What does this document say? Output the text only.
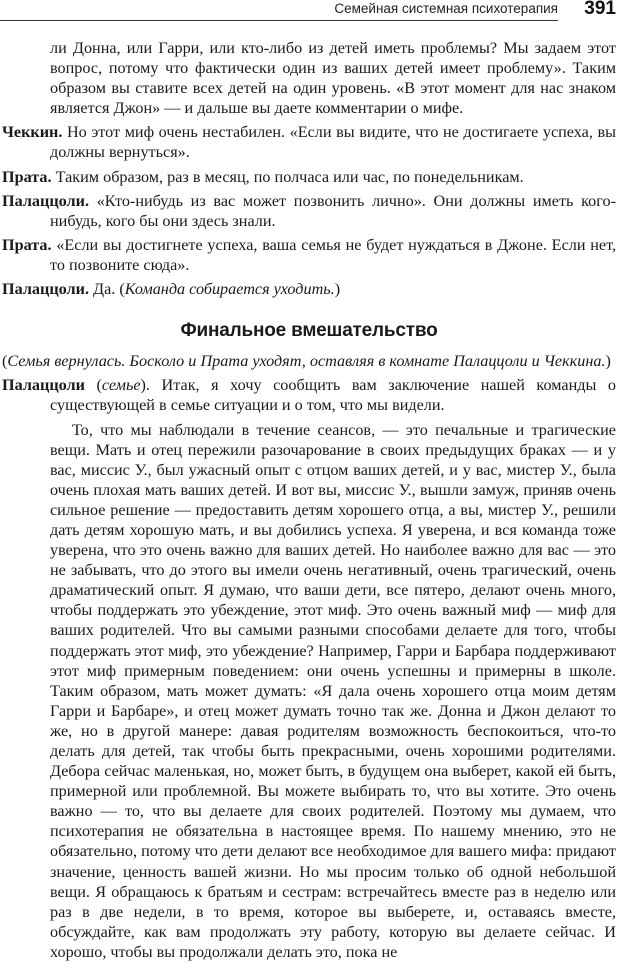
Семейная системная психотерапия 391

ли Донна, или Гарри, или кто-либо из детей иметь проблемы? Мы задаем этот вопрос, потому что фактически один из ваших детей имеет проблему». Таким образом вы ставите всех детей на один уровень. «В этот момент для нас знаком является Джон» — и дальше вы даете комментарии о мифе.

Чеккин. Но этот миф очень нестабилен. «Если вы видите, что не достигаете успеха, вы должны вернуться».

Прата. Таким образом, раз в месяц, по полчаса или час, по понедельникам.

Палаццоли. «Кто-нибудь из вас может позвонить лично». Они должны иметь кого-нибудь, кого бы они здесь знали.

Прата. «Если вы достигнете успеха, ваша семья не будет нуждаться в Джоне. Если нет, то позвоните сюда».

Палаццоли. Да. (Команда собирается уходить.)

Финальное вмешательство

(Семья вернулась. Босколо и Прата уходят, оставляя в комнате Палаццоли и Чеккина.)

Палаццоли (семье). Итак, я хочу сообщить вам заключение нашей команды о существующей в семье ситуации и о том, что мы видели.

То, что мы наблюдали в течение сеансов, — это печальные и трагические вещи. Мать и отец пережили разочарование в своих предыдущих браках — и у вас, миссис У., был ужасный опыт с отцом ваших детей, и у вас, мистер У., была очень плохая мать ваших детей. И вот вы, миссис У., вышли замуж, приняв очень сильное решение — предоставить детям хорошего отца, а вы, мистер У., решили дать детям хорошую мать, и вы добились успеха. Я уверена, и вся команда тоже уверена, что это очень важно для ваших детей. Но наиболее важно для вас — это не забывать, что до этого вы имели очень негативный, очень трагический, очень драматический опыт. Я думаю, что ваши дети, все пятеро, делают очень много, чтобы поддержать это убеждение, этот миф. Это очень важный миф — миф для ваших родителей. Что вы самыми разными способами делаете для того, чтобы поддержать этот миф, это убеждение? Например, Гарри и Барбара поддерживают этот миф примерным поведением: они очень успешны и примерны в школе. Таким образом, мать может думать: «Я дала очень хорошего отца моим детям Гарри и Барбаре», и отец может думать точно так же. Донна и Джон делают то же, но в другой манере: давая родителям возможность беспокоиться, что-то делать для детей, так чтобы быть прекрасными, очень хорошими родителями. Дебора сейчас маленькая, но, может быть, в будущем она выберет, какой ей быть, примерной или проблемной. Вы можете выбирать то, что вы хотите. Это очень важно — то, что вы делаете для своих родителей. Поэтому мы думаем, что психотерапия не обязательна в настоящее время. По нашему мнению, это не обязательно, потому что дети делают все необходимое для вашего мифа: придают значение, ценность вашей жизни. Но мы просим только об одной небольшой вещи. Я обращаюсь к братьям и сестрам: встречайтесь вместе раз в неделю или раз в две недели, в то время, которое вы выберете, и, оставаясь вместе, обсуждайте, как вам продолжать эту работу, которую вы делаете сейчас. И хорошо, чтобы вы продолжали делать это, пока не
